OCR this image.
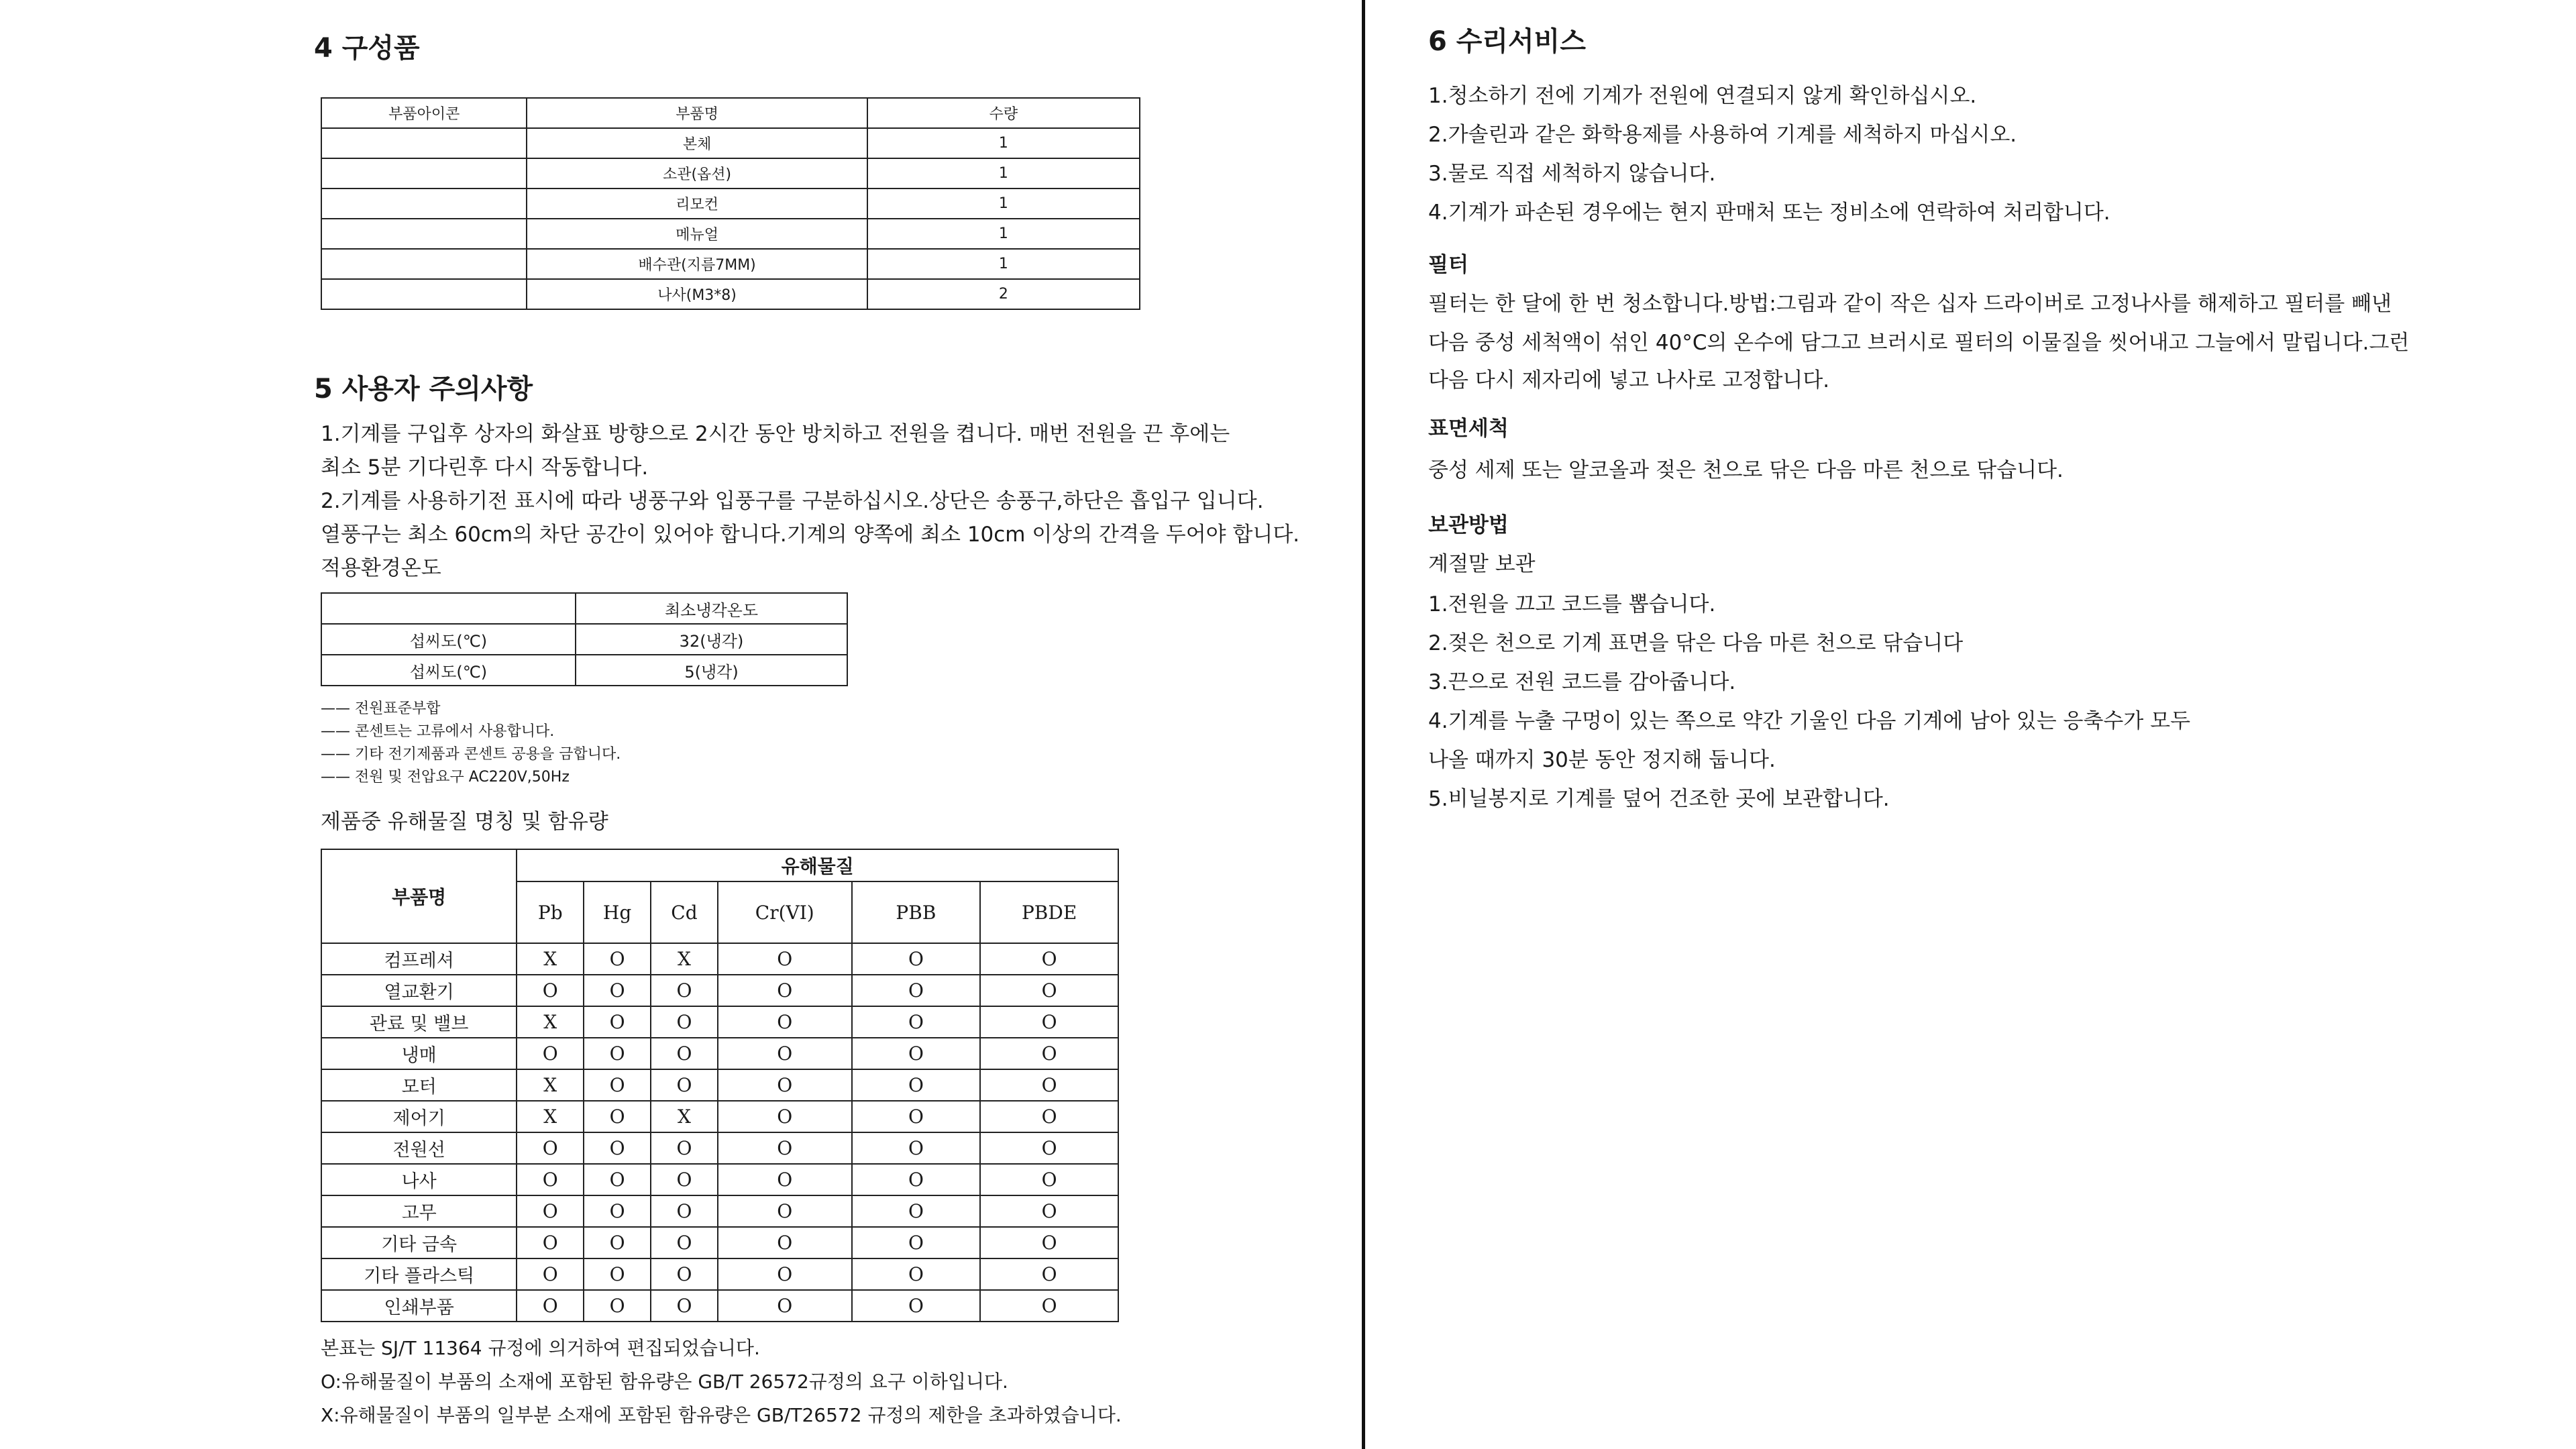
4 구성품
부품아이콘	부품명	수량
	본체	1
	소관(옵션)	1
	리모컨	1
	메뉴얼	1
	배수관(지름7MM)	1
	나사(M3*8)	2
5 사용자 주의사항

1.기계를 구입후 상자의 화살표 방향으로 2시간 동안 방치하고 전원을 켭니다. 매번 전원을 끈 후에는

최소 5분 기다린후 다시 작동합니다.

2.기계를 사용하기전 표시에 따라 냉풍구와 입풍구를 구분하십시오.상단은 송풍구,하단은 흡입구 입니다.

열풍구는 최소 60cm의 차단 공간이 있어야 합니다.기계의 양쪽에 최소 10cm 이상의 간격을 두어야 합니다.

적용환경온도

	최소냉각온도
섭씨도(℃)	32(냉각)
섭씨도(℃)	5(냉각)
—— 전원표준부합
—— 콘센트는 고류에서 사용합니다.
—— 기타 전기제품과 콘센트 공용을 금합니다.
—— 전원 및 전압요구 AC220V,50Hz

제품중 유해물질 명칭 및 함유량

부품명	유해물질					
	Pb	Hg	Cd	Cr(VI)	PBB	PBDE
컴프레셔	X	O	X	O	O	O
열교환기	O	O	O	O	O	O
관료 및 밸브	X	O	O	O	O	O
냉매	O	O	O	O	O	O
모터	X	O	O	O	O	O
제어기	X	O	X	O	O	O
전원선	O	O	O	O	O	O
나사	O	O	O	O	O	O
고무	O	O	O	O	O	O
기타 금속	O	O	O	O	O	O
기타 플라스틱	O	O	O	O	O	O
인쇄부품	O	O	O	O	O	O

본표는 SJ/T 11364 규정에 의거하여 편집되었습니다.

O:유해물질이 부품의 소재에 포함된 함유량은 GB/T 26572규정의 요구 이하입니다.

X:유해물질이 부품의 일부분 소재에 포함된 함유량은 GB/T26572 규정의 제한을 초과하였습니다.

6 수리서비스

1.청소하기 전에 기계가 전원에 연결되지 않게 확인하십시오.

2.가솔린과 같은 화학용제를 사용하여 기계를 세척하지 마십시오.

3.물로 직접 세척하지 않습니다.

4.기계가 파손된 경우에는 현지 판매처 또는 정비소에 연락하여 처리합니다.

필터

필터는 한 달에 한 번 청소합니다.방법:그림과 같이 작은 십자 드라이버로 고정나사를 해제하고 필터를 빼낸

다음 중성 세척액이 섞인 40°C의 온수에 담그고 브러시로 필터의 이물질을 씻어내고 그늘에서 말립니다.그런

다음 다시 제자리에 넣고 나사로 고정합니다.

표면세척

중성 세제 또는 알코올과 젖은 천으로 닦은 다음 마른 천으로 닦습니다.

보관방법

계절말 보관

1.전원을 끄고 코드를 뽑습니다.

2.젖은 천으로 기계 표면을 닦은 다음 마른 천으로 닦습니다

3.끈으로 전원 코드를 감아줍니다.

4.기계를 누출 구멍이 있는 쪽으로 약간 기울인 다음 기계에 남아 있는 응축수가 모두

나올 때까지 30분 동안 정지해 둡니다.

5.비닐봉지로 기계를 덮어 건조한 곳에 보관합니다.
